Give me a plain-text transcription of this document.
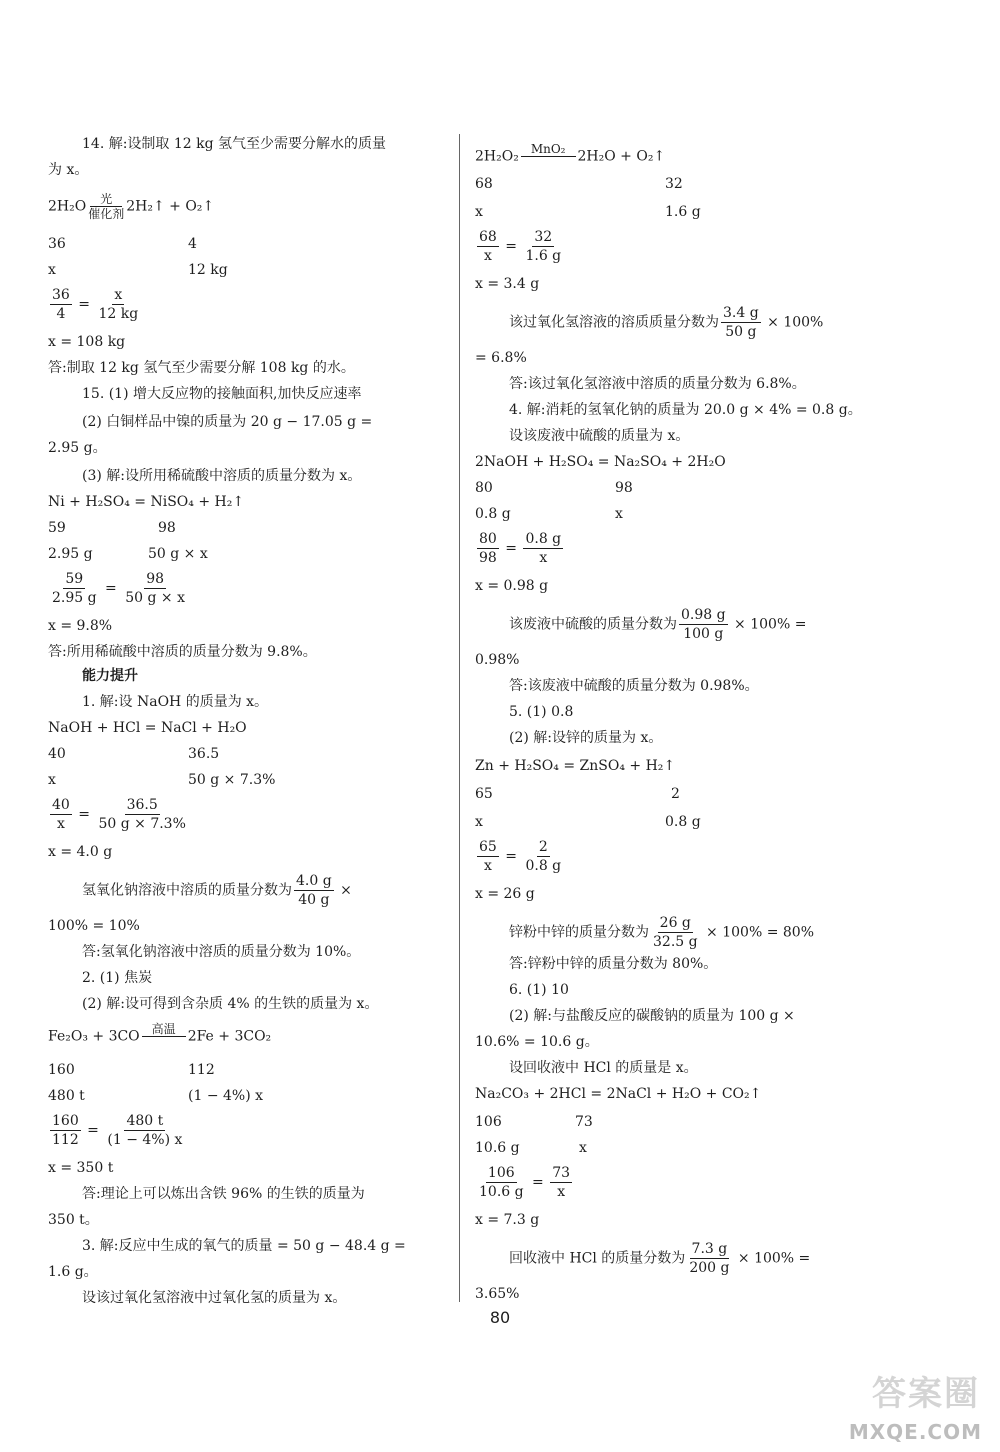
14. 解:设制取 12 kg 氢气至少需要分解水的质量
为 x。
2H₂O	光
催化剂 2H₂↑ + O₂↑
36	4
x	12 kg
$\frac{36}{4} = \frac{x}{12 kg}$
x = 108 kg
答:制取 12 kg 氢气至少需要分解 108 kg 的水。
15. (1) 增大反应物的接触面积,加快反应速率
(2) 白铜样品中镍的质量为 20 g − 17.05 g =
2.95 g。
(3) 解:设所用稀硫酸中溶质的质量分数为 x。
Ni + H₂SO₄ = NiSO₄ + H₂↑
59	98
2.95 g	50 g × x
$\frac{59}{2.95 g} = \frac{98}{50 g \times x}$
x = 9.8%
答:所用稀硫酸中溶质的质量分数为 9.8%。
能力提升
1. 解:设 NaOH 的质量为 x。
NaOH + HCl = NaCl + H₂O
40	36.5
x	50 g × 7.3%
$\frac{40}{x} = \frac{36.5}{50 g \times 7.3\%}$
x = 4.0 g
氢氧化钠溶液中溶质的质量分数为 $\frac{4.0 g}{40 g}$ ×
100% = 10%
答:氢氧化钠溶液中溶质的质量分数为 10%。
2. (1) 焦炭
(2) 解:设可得到含杂质 4% 的生铁的质量为 x。
Fe₂O₃ + 3CO	高温
2Fe + 3CO₂
160	112
480 t	(1 − 4%) x
$\frac{160}{112} = \frac{480 t}{(1 - 4\%) x}$
x = 350 t
答:理论上可以炼出含铁 96% 的生铁的质量为
350 t。
3. 解:反应中生成的氧气的质量 = 50 g − 48.4 g =
1.6 g。
设该过氧化氢溶液中过氧化氢的质量为 x。
2H₂O₂	MnO₂
2H₂O + O₂↑
68	32
x	1.6 g
$\frac{68}{x} = \frac{32}{1.6 g}$
x = 3.4 g
该过氧化氢溶液的溶质质量分数为 $\frac{3.4 g}{50 g} \times 100\%$
= 6.8%
答:该过氧化氢溶液中溶质的质量分数为 6.8%。
4. 解:消耗的氢氧化钠的质量为 20.0 g × 4% = 0.8 g。
设该废液中硫酸的质量为 x。
2NaOH + H₂SO₄ = Na₂SO₄ + 2H₂O
80	98
0.8 g	x
$\frac{80}{98} = \frac{0.8 g}{x}$
x = 0.98 g
该废液中硫酸的质量分数为 $\frac{0.98 g}{100 g} \times 100\%$ =
0.98%
答:该废液中硫酸的质量分数为 0.98%。
5. (1) 0.8
(2) 解:设锌的质量为 x。
Zn + H₂SO₄ = ZnSO₄ + H₂↑
65	2
x	0.8 g
$\frac{65}{x} = \frac{2}{0.8 g}$
x = 26 g
锌粉中锌的质量分数为 $\frac{26 g}{32.5 g} \times 100\% = 80\%$
答:锌粉中锌的质量分数为 80%。
6. (1) 10
(2) 解:与盐酸反应的碳酸钠的质量为 100 g ×
10.6% = 10.6 g。
设回收液中 HCl 的质量是 x。
Na₂CO₃ + 2HCl = 2NaCl + H₂O + CO₂↑
106	73
10.6 g	x
$\frac{106}{10.6 g} = \frac{73}{x}$
x = 7.3 g
回收液中 HCl 的质量分数为 $\frac{7.3 g}{200 g} \times 100\%$ =
3.65%
80
答案圈
MXQE.COM
